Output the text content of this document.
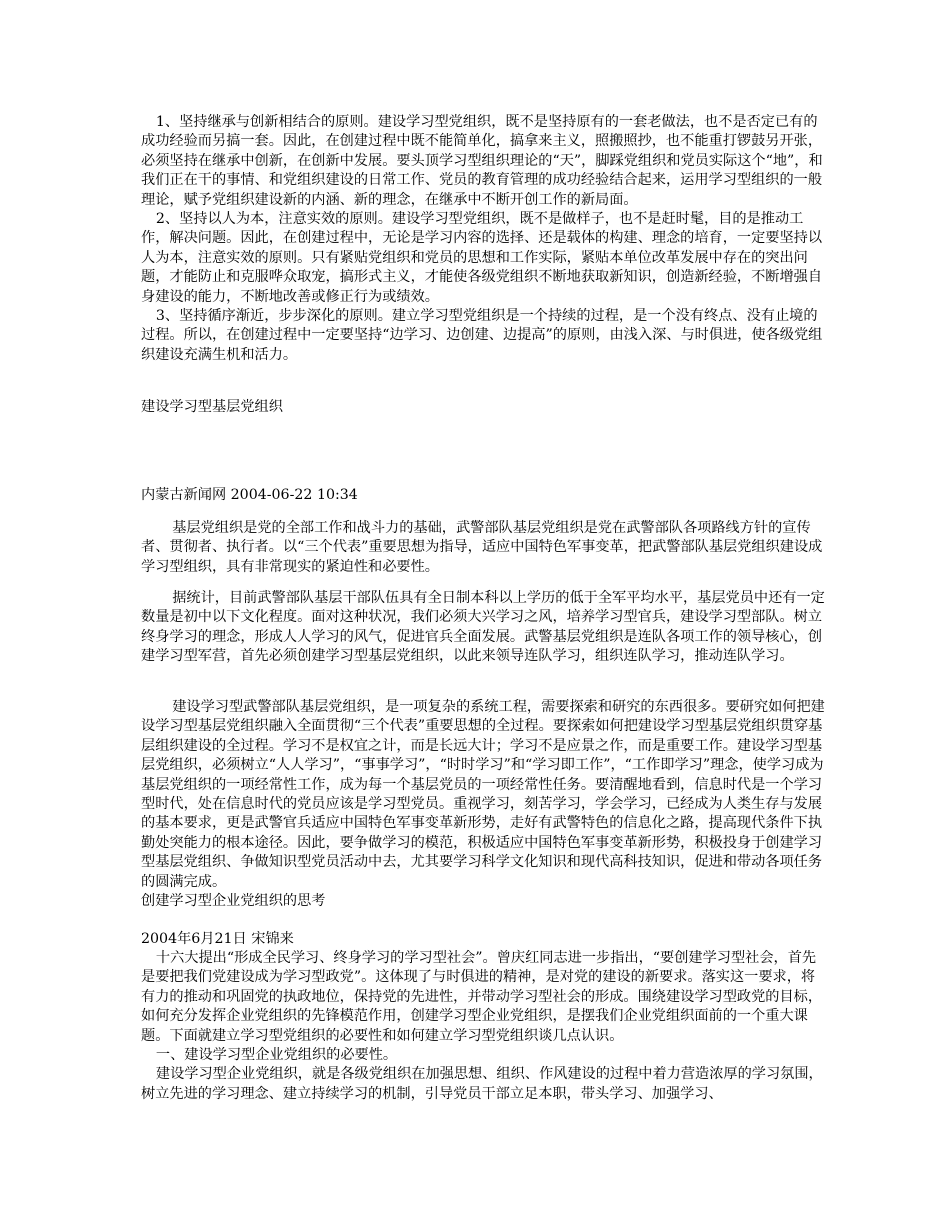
1、坚持继承与创新相结合的原则。建设学习型党组织，既不是坚持原有的一套老做法，也不是否定已有的成功经验而另搞一套。因此，在创建过程中既不能简单化，搞拿来主义，照搬照抄，也不能重打锣鼓另开张，必须坚持在继承中创新，在创新中发展。要头顶学习型组织理论的“天”，脚踩党组织和党员实际这个“地”，和我们正在干的事情、和党组织建设的日常工作、党员的教育管理的成功经验结合起来，运用学习型组织的一般理论，赋予党组织建设新的内涵、新的理念，在继承中不断开创工作的新局面。

2、坚持以人为本，注意实效的原则。建设学习型党组织，既不是做样子，也不是赶时髦，目的是推动工作，解决问题。因此，在创建过程中，无论是学习内容的选择、还是载体的构建、理念的培育，一定要坚持以人为本，注意实效的原则。只有紧贴党组织和党员的思想和工作实际，紧贴本单位改革发展中存在的突出问题，才能防止和克服哗众取宠，搞形式主义，才能使各级党组织不断地获取新知识，创造新经验，不断增强自身建设的能力，不断地改善或修正行为或绩效。

3、坚持循序渐近，步步深化的原则。建立学习型党组织是一个持续的过程，是一个没有终点、没有止境的过程。所以，在创建过程中一定要坚持“边学习、边创建、边提高”的原则，由浅入深、与时俱进，使各级党组织建设充满生机和活力。

建设学习型基层党组织
内蒙古新闻网 2004-06-22 10:34

基层党组织是党的全部工作和战斗力的基础，武警部队基层党组织是党在武警部队各项路线方针的宣传者、贯彻者、执行者。以“三个代表”重要思想为指导，适应中国特色军事变革，把武警部队基层党组织建设成学习型组织，具有非常现实的紧迫性和必要性。

据统计，目前武警部队基层干部队伍具有全日制本科以上学历的低于全军平均水平，基层党员中还有一定数量是初中以下文化程度。面对这种状况，我们必须大兴学习之风，培养学习型官兵，建设学习型部队。树立终身学习的理念，形成人人学习的风气，促进官兵全面发展。武警基层党组织是连队各项工作的领导核心，创建学习型军营，首先必须创建学习型基层党组织，以此来领导连队学习，组织连队学习，推动连队学习。

建设学习型武警部队基层党组织，是一项复杂的系统工程，需要探索和研究的东西很多。要研究如何把建设学习型基层党组织融入全面贯彻“三个代表”重要思想的全过程。要探索如何把建设学习型基层党组织贯穿基层组织建设的全过程。学习不是权宜之计，而是长远大计；学习不是应景之作，而是重要工作。建设学习型基层党组织，必须树立“人人学习”，“事事学习”，“时时学习”和“学习即工作”，“工作即学习”理念，使学习成为基层党组织的一项经常性工作，成为每一个基层党员的一项经常性任务。要清醒地看到，信息时代是一个学习型时代，处在信息时代的党员应该是学习型党员。重视学习，刻苦学习，学会学习，已经成为人类生存与发展的基本要求，更是武警官兵适应中国特色军事变革新形势，走好有武警特色的信息化之路，提高现代条件下执勤处突能力的根本途径。因此，要争做学习的模范，积极适应中国特色军事变革新形势，积极投身于创建学习型基层党组织、争做知识型党员活动中去，尤其要学习科学文化知识和现代高科技知识，促进和带动各项任务的圆满完成。

创建学习型企业党组织的思考
2004年6月21日 宋锦来

十六大提出“形成全民学习、终身学习的学习型社会”。曾庆红同志进一步指出，“要创建学习型社会，首先是要把我们党建设成为学习型政党”。这体现了与时俱进的精神，是对党的建设的新要求。落实这一要求，将有力的推动和巩固党的执政地位，保持党的先进性，并带动学习型社会的形成。围绕建设学习型政党的目标，如何充分发挥企业党组织的先锋模范作用，创建学习型企业党组织，是摆我们企业党组织面前的一个重大课题。下面就建立学习型党组织的必要性和如何建立学习型党组织谈几点认识。

一、建设学习型企业党组织的必要性。

建设学习型企业党组织，就是各级党组织在加强思想、组织、作风建设的过程中着力营造浓厚的学习氛围，树立先进的学习理念、建立持续学习的机制，引导党员干部立足本职，带头学习、加强学习、
